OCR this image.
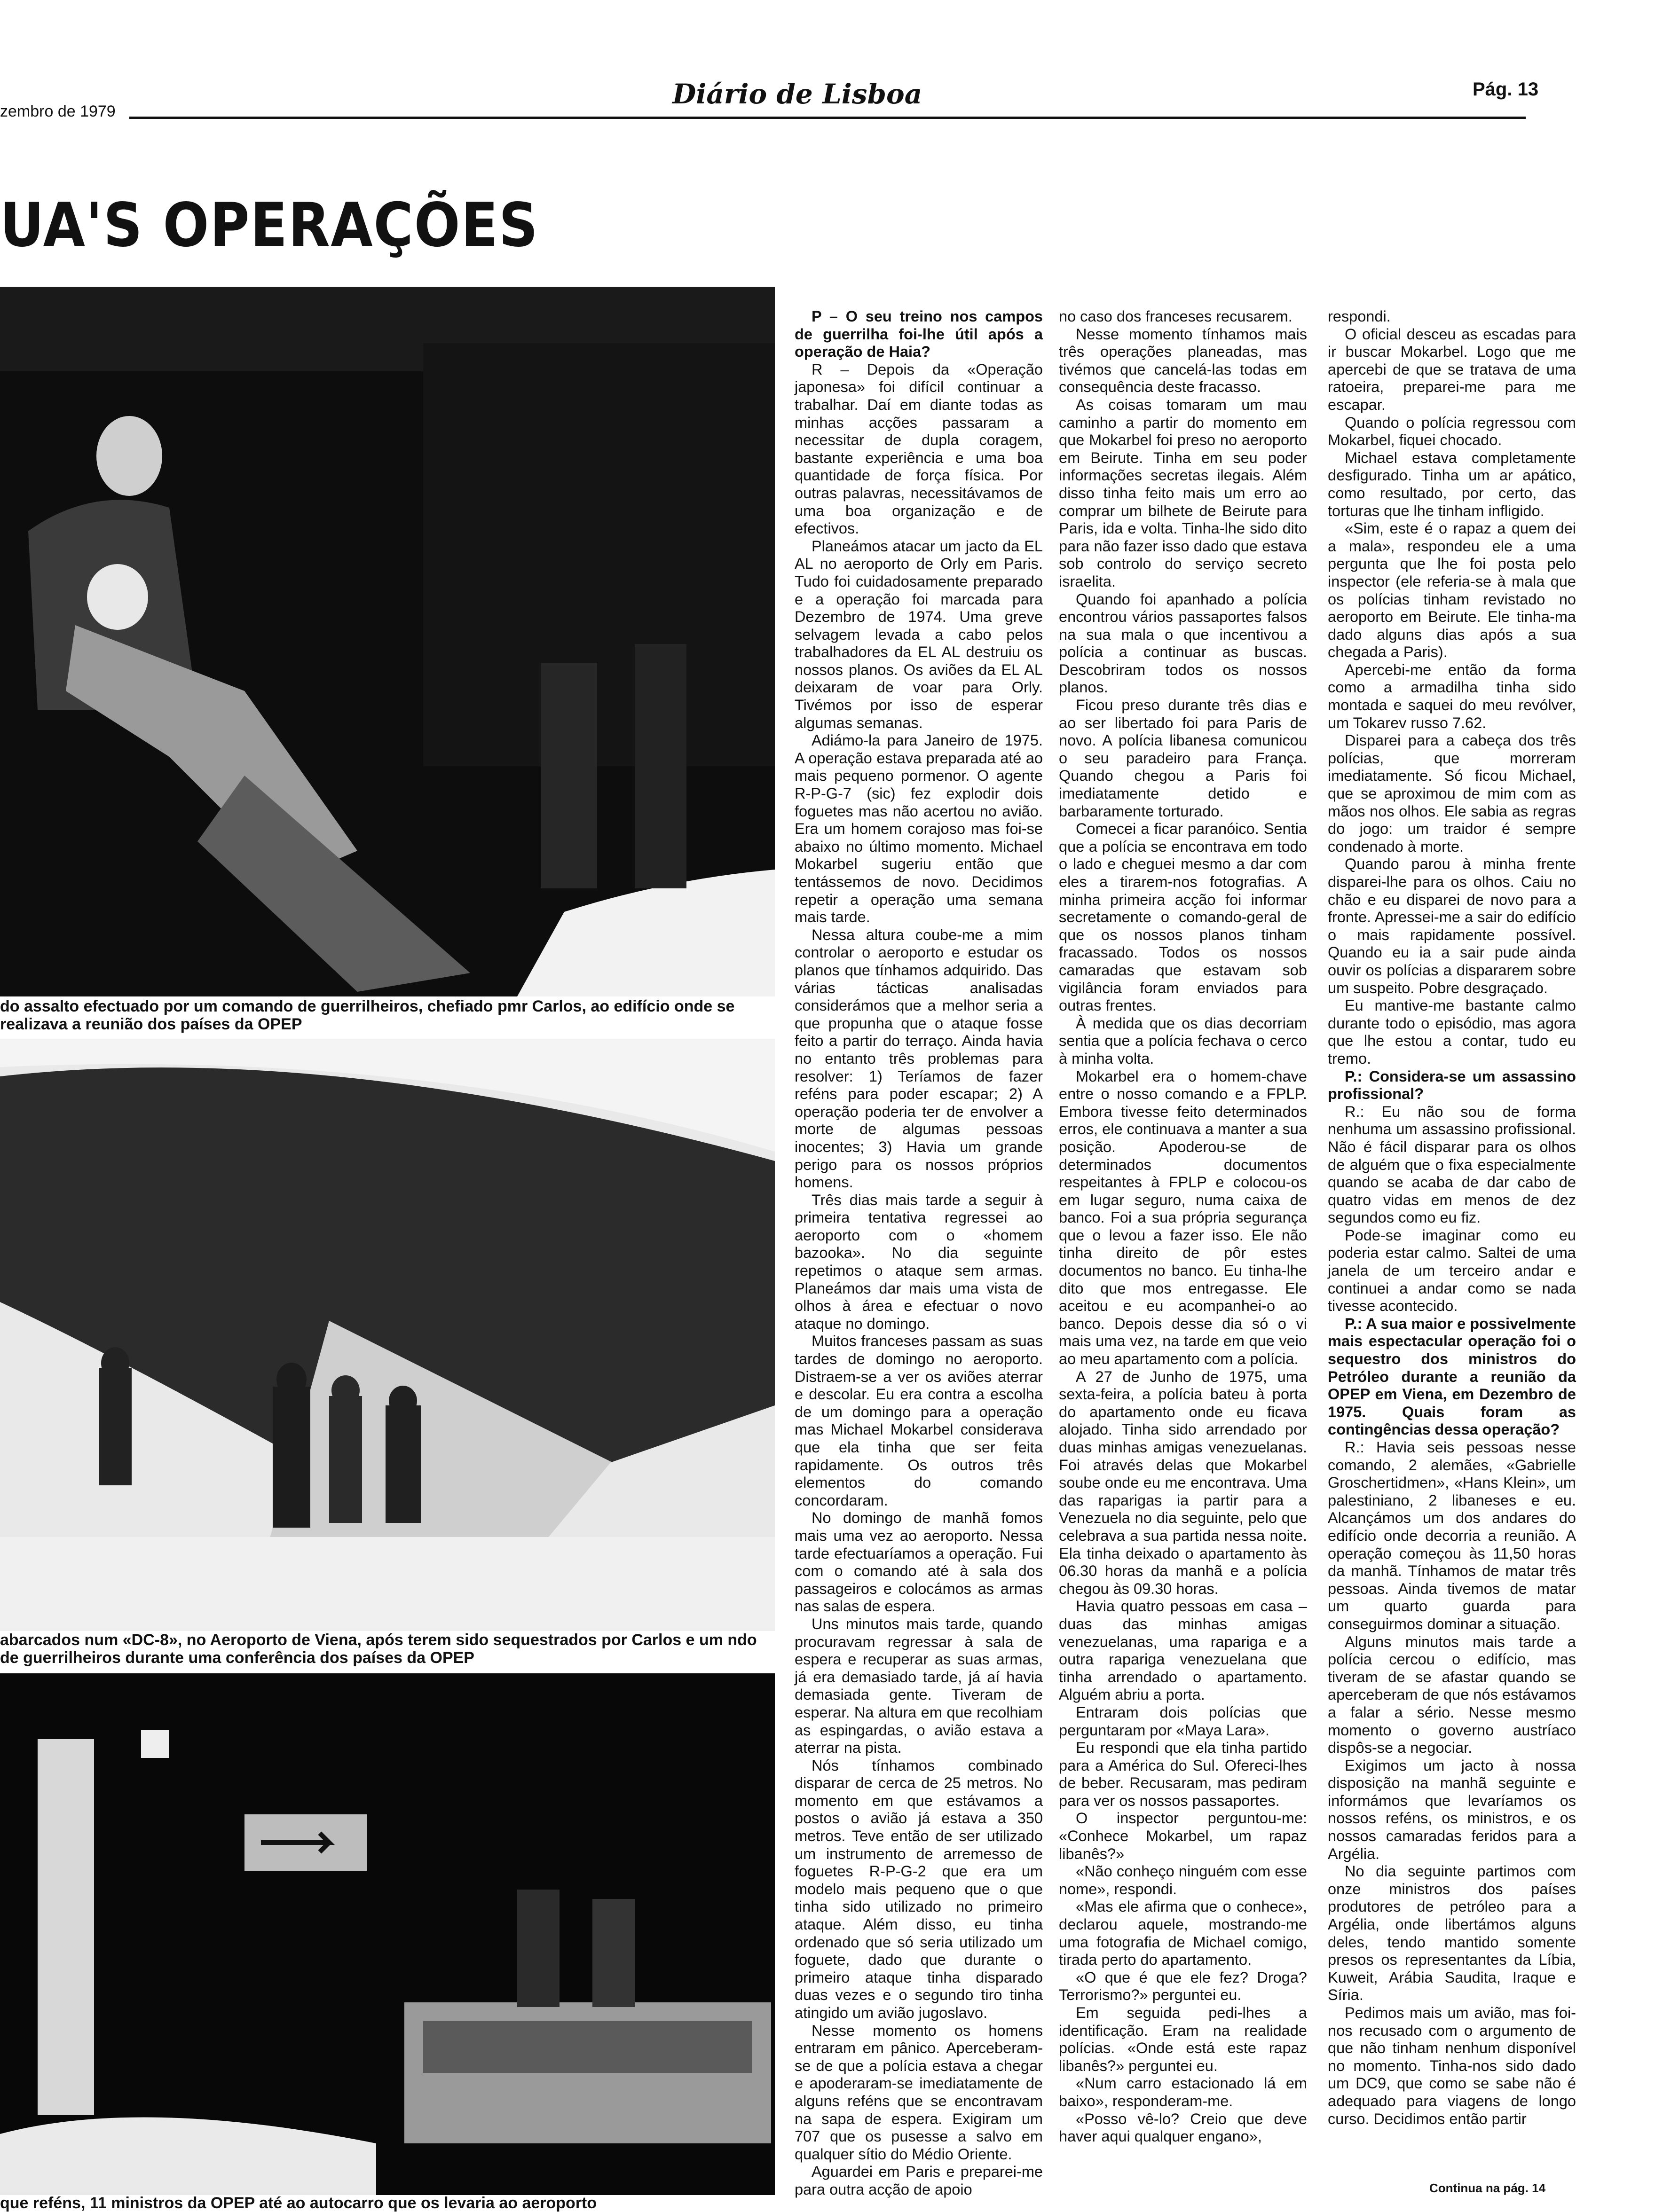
zembro de 1979
Diário de Lisboa	Pág. 13
UA'S OPERAÇÕES
do assalto efectuado por um comando de guerrilheiros, chefiado pmr Carlos, ao edifício onde se realizava a reunião dos países da OPEP
abarcados num «DC-8», no Aeroporto de Viena, após terem sido sequestrados por Carlos e um ndo de guerrilheiros durante uma conferência dos países da OPEP
que reféns, 11 ministros da OPEP até ao autocarro que os levaria ao aeroporto

P – O seu treino nos campos de guerrilha foi-lhe útil após a operação de Haia?

R – Depois da «Operação japonesa» foi difícil continuar a trabalhar. Daí em diante todas as minhas acções passaram a necessitar de dupla coragem, bastante experiência e uma boa quantidade de força física. Por outras palavras, necessitávamos de uma boa organização e de efectivos.

Planeámos atacar um jacto da EL AL no aeroporto de Orly em Paris. Tudo foi cuidadosamente preparado e a operação foi marcada para Dezembro de 1974. Uma greve selvagem levada a cabo pelos trabalhadores da EL AL destruiu os nossos planos. Os aviões da EL AL deixaram de voar para Orly. Tivémos por isso de esperar algumas semanas.

Adiámo-la para Janeiro de 1975. A operação estava preparada até ao mais pequeno pormenor. O agente R-P-G-7 (sic) fez explodir dois foguetes mas não acertou no avião. Era um homem corajoso mas foi-se abaixo no último momento. Michael Mokarbel sugeriu então que tentássemos de novo. Decidimos repetir a operação uma semana mais tarde.

Nessa altura coube-me a mim controlar o aeroporto e estudar os planos que tínhamos adquirido. Das várias tácticas analisadas considerámos que a melhor seria a que propunha que o ataque fosse feito a partir do terraço. Ainda havia no entanto três problemas para resolver: 1) Teríamos de fazer reféns para poder escapar; 2) A operação poderia ter de envolver a morte de algumas pessoas inocentes; 3) Havia um grande perigo para os nossos próprios homens.

Três dias mais tarde a seguir à primeira tentativa regressei ao aeroporto com o «homem bazooka». No dia seguinte repetimos o ataque sem armas. Planeámos dar mais uma vista de olhos à área e efectuar o novo ataque no domingo.

Muitos franceses passam as suas tardes de domingo no aeroporto. Distraem-se a ver os aviões aterrar e descolar. Eu era contra a escolha de um domingo para a operação mas Michael Mokarbel considerava que ela tinha que ser feita rapidamente. Os outros três elementos do comando concordaram.

No domingo de manhã fomos mais uma vez ao aeroporto. Nessa tarde efectuaríamos a operação. Fui com o comando até à sala dos passageiros e colocámos as armas nas salas de espera.

Uns minutos mais tarde, quando procuravam regressar à sala de espera e recuperar as suas armas, já era demasiado tarde, já aí havia demasiada gente. Tiveram de esperar. Na altura em que recolhiam as espingardas, o avião estava a aterrar na pista.

Nós tínhamos combinado disparar de cerca de 25 metros. No momento em que estávamos a postos o avião já estava a 350 metros. Teve então de ser utilizado um instrumento de arremesso de foguetes R-P-G-2 que era um modelo mais pequeno que o que tinha sido utilizado no primeiro ataque. Além disso, eu tinha ordenado que só seria utilizado um foguete, dado que durante o primeiro ataque tinha disparado duas vezes e o segundo tiro tinha atingido um avião jugoslavo.

Nesse momento os homens entraram em pânico. Aperceberam-se de que a polícia estava a chegar e apoderaram-se imediatamente de alguns reféns que se encontravam na sapa de espera. Exigiram um 707 que os pusesse a salvo em qualquer sítio do Médio Oriente.

Aguardei em Paris e preparei-me para outra acção de apoio

no caso dos franceses recusarem.

Nesse momento tínhamos mais três operações planeadas, mas tivémos que cancelá-las todas em consequência deste fracasso.

As coisas tomaram um mau caminho a partir do momento em que Mokarbel foi preso no aeroporto em Beirute. Tinha em seu poder informações secretas ilegais. Além disso tinha feito mais um erro ao comprar um bilhete de Beirute para Paris, ida e volta. Tinha-lhe sido dito para não fazer isso dado que estava sob controlo do serviço secreto israelita.

Quando foi apanhado a polícia encontrou vários passaportes falsos na sua mala o que incentivou a polícia a continuar as buscas. Descobriram todos os nossos planos.

Ficou preso durante três dias e ao ser libertado foi para Paris de novo. A polícia libanesa comunicou o seu paradeiro para França. Quando chegou a Paris foi imediatamente detido e barbaramente torturado.

Comecei a ficar paranóico. Sentia que a polícia se encontrava em todo o lado e cheguei mesmo a dar com eles a tirarem-nos fotografias. A minha primeira acção foi informar secretamente o comando-geral de que os nossos planos tinham fracassado. Todos os nossos camaradas que estavam sob vigilância foram enviados para outras frentes.

À medida que os dias decorriam sentia que a polícia fechava o cerco à minha volta.

Mokarbel era o homem-chave entre o nosso comando e a FPLP. Embora tivesse feito determinados erros, ele continuava a manter a sua posição. Apoderou-se de determinados documentos respeitantes à FPLP e colocou-os em lugar seguro, numa caixa de banco. Foi a sua própria segurança que o levou a fazer isso. Ele não tinha direito de pôr estes documentos no banco. Eu tinha-lhe dito que mos entregasse. Ele aceitou e eu acompanhei-o ao banco. Depois desse dia só o vi mais uma vez, na tarde em que veio ao meu apartamento com a polícia.

A 27 de Junho de 1975, uma sexta-feira, a polícia bateu à porta do apartamento onde eu ficava alojado. Tinha sido arrendado por duas minhas amigas venezuelanas. Foi através delas que Mokarbel soube onde eu me encontrava. Uma das raparigas ia partir para a Venezuela no dia seguinte, pelo que celebrava a sua partida nessa noite. Ela tinha deixado o apartamento às 06.30 horas da manhã e a polícia chegou às 09.30 horas.

Havia quatro pessoas em casa – duas das minhas amigas venezuelanas, uma rapariga e a outra rapariga venezuelana que tinha arrendado o apartamento. Alguém abriu a porta.

Entraram dois polícias que perguntaram por «Maya Lara».

Eu respondi que ela tinha partido para a América do Sul. Ofereci-lhes de beber. Recusaram, mas pediram para ver os nossos passaportes.

O inspector perguntou-me: «Conhece Mokarbel, um rapaz libanês?»

«Não conheço ninguém com esse nome», respondi.

«Mas ele afirma que o conhece», declarou aquele, mostrando-me uma fotografia de Michael comigo, tirada perto do apartamento.

«O que é que ele fez? Droga? Terrorismo?» perguntei eu.

Em seguida pedi-lhes a identificação. Eram na realidade polícias. «Onde está este rapaz libanês?» perguntei eu.

«Num carro estacionado lá em baixo», responderam-me.

«Posso vê-lo? Creio que deve haver aqui qualquer engano»,

respondi.

O oficial desceu as escadas para ir buscar Mokarbel. Logo que me apercebi de que se tratava de uma ratoeira, preparei-me para me escapar.

Quando o polícia regressou com Mokarbel, fiquei chocado.

Michael estava completamente desfigurado. Tinha um ar apático, como resultado, por certo, das torturas que lhe tinham infligido.

«Sim, este é o rapaz a quem dei a mala», respondeu ele a uma pergunta que lhe foi posta pelo inspector (ele referia-se à mala que os polícias tinham revistado no aeroporto em Beirute. Ele tinha-ma dado alguns dias após a sua chegada a Paris).

Apercebi-me então da forma como a armadilha tinha sido montada e saquei do meu revólver, um Tokarev russo 7.62.

Disparei para a cabeça dos três polícias, que morreram imediatamente. Só ficou Michael, que se aproximou de mim com as mãos nos olhos. Ele sabia as regras do jogo: um traidor é sempre condenado à morte.

Quando parou à minha frente disparei-lhe para os olhos. Caiu no chão e eu disparei de novo para a fronte. Apressei-me a sair do edifício o mais rapidamente possível. Quando eu ia a sair pude ainda ouvir os polícias a dispararem sobre um suspeito. Pobre desgraçado.

Eu mantive-me bastante calmo durante todo o episódio, mas agora que lhe estou a contar, tudo eu tremo.

P.: Considera-se um assassino profissional?

R.: Eu não sou de forma nenhuma um assassino profissional. Não é fácil disparar para os olhos de alguém que o fixa especialmente quando se acaba de dar cabo de quatro vidas em menos de dez segundos como eu fiz.

Pode-se imaginar como eu poderia estar calmo. Saltei de uma janela de um terceiro andar e continuei a andar como se nada tivesse acontecido.

P.: A sua maior e possivelmente mais espectacular operação foi o sequestro dos ministros do Petróleo durante a reunião da OPEP em Viena, em Dezembro de 1975. Quais foram as contingências dessa operação?

R.: Havia seis pessoas nesse comando, 2 alemães, «Gabrielle Groschertidmen», «Hans Klein», um palestiniano, 2 libaneses e eu. Alcançámos um dos andares do edifício onde decorria a reunião. A operação começou às 11,50 horas da manhã. Tínhamos de matar três pessoas. Ainda tivemos de matar um quarto guarda para conseguirmos dominar a situação.

Alguns minutos mais tarde a polícia cercou o edifício, mas tiveram de se afastar quando se aperceberam de que nós estávamos a falar a sério. Nesse mesmo momento o governo austríaco dispôs-se a negociar.

Exigimos um jacto à nossa disposição na manhã seguinte e informámos que levaríamos os nossos reféns, os ministros, e os nossos camaradas feridos para a Argélia.

No dia seguinte partimos com onze ministros dos países produtores de petróleo para a Argélia, onde libertámos alguns deles, tendo mantido somente presos os representantes da Líbia, Kuweit, Arábia Saudita, Iraque e Síria.

Pedimos mais um avião, mas foi-nos recusado com o argumento de que não tinham nenhum disponível no momento. Tinha-nos sido dado um DC9, que como se sabe não é adequado para viagens de longo curso. Decidimos então partir

Continua na pág. 14
